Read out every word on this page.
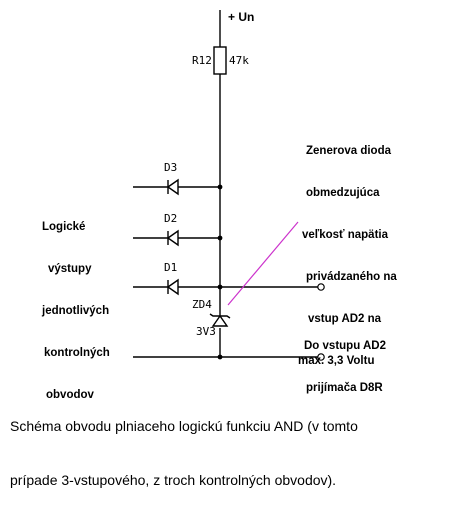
+ Un
R12 47k
D3
D2
D1
ZD4
3V3

Logické

výstupy

jednotlivých

kontrolných

obvodov

Zenerova dioda

obmedzujúca

veľkosť napätia

privádzaného na

vstup AD2 na

max. 3,3 Voltu

Do vstupu AD2

prijímača D8R

Schéma obvodu plniaceho logickú funkciu AND (v tomto

prípade 3-vstupového, z troch kontrolných obvodov).
